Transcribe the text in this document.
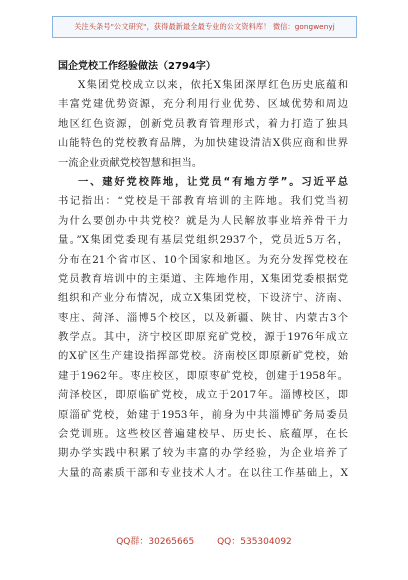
关注头条号"公文研究"，获得最新最全最专业的公文资料库！ 微信：gongwenyj
国企党校工作经验做法（2794字）
X集团党校成立以来，依托X集团深厚红色历史底蕴和
丰富党建优势资源，充分利用行业优势、区域优势和周边
地区红色资源，创新党员教育管理形式，着力打造了独具
山能特色的党校教育品牌，为加快建设清洁X供应商和世界
一流企业贡献党校智慧和担当。
一、建好党校阵地，让党员“有地方学”。习近平总
书记指出：“党校是干部教育培训的主阵地。我们党当初
为什么要创办中共党校？就是为人民解放事业培养骨干力
量。”X集团党委现有基层党组织2937个，党员近5万名，
分布在21个省市区、10个国家和地区。为充分发挥党校在
党员教育培训中的主渠道、主阵地作用，X集团党委根据党
组织和产业分布情况，成立X集团党校，下设济宁、济南、
枣庄、菏泽、淄博5个校区，以及新疆、陕甘、内蒙古3个
教学点。其中，济宁校区即原兖矿党校，源于1976年成立
的X矿区生产建设指挥部党校。济南校区即原新矿党校，始
建于1962年。枣庄校区，即原枣矿党校，创建于1958年。
菏泽校区，即原临矿党校，成立于2017年。淄博校区，即
原淄矿党校，始建于1953年，前身为中共淄博矿务局委员
会党训班。这些校区普遍建校早、历史长、底蕴厚，在长
期办学实践中积累了较为丰富的办学经验，为企业培养了
大量的高素质干部和专业技术人才。在以往工作基础上，X
QQ群：30265665	QQ：535304092
